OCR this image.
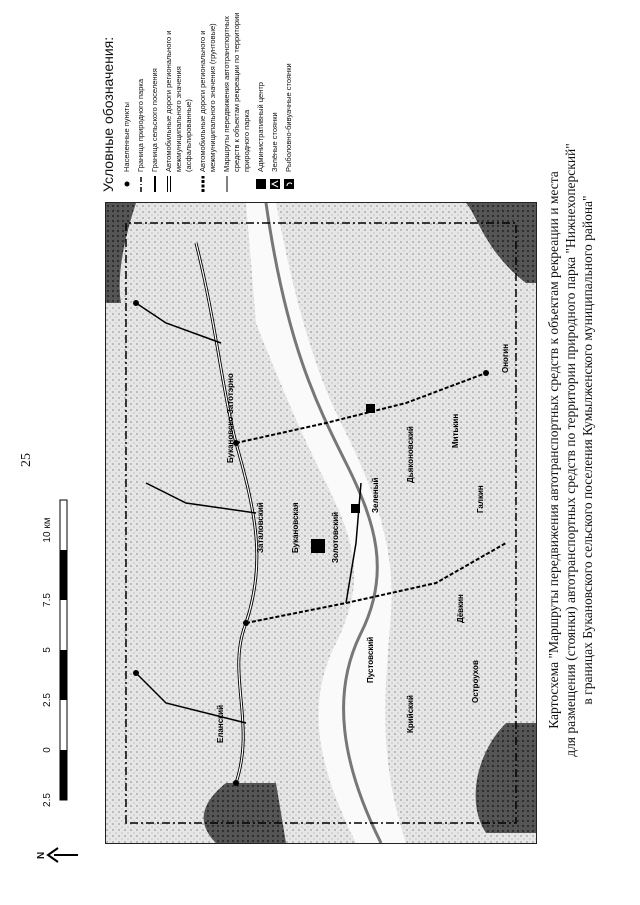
25	Картосхема "Маршруты передвижения автотранспортных средств к объектам рекреации и места для размещения (стоянки) автотранспортных средств по территории природного парка "Нижнехоперский" в границах Букановского сельского поселения Кумылженского муниципального района"
Оногин
Митькин
Галкин
Дьяконовский
Дёвкин
Остроухов
Крийский
Пустовский
Букановская	Золотовский
Зеленый
Заталовский
Букановско-Затотэрно
Еланский
Условные обозначения: Населенные пункты Граница природного парка Граница сельского поселения Автомобильные дороги регионального и межмуниципального значения (асфальтированные) Автомобильные дороги регионального и межмуниципального значения (грунтовые) Маршруты передвижения автотранспортных средств к объектам рекреации по территории природного парка Административный центр Зелёные стоянки Рыболовно-бивуачные стоянки
2.5
0
2.5
5
7.5
10 км
N
